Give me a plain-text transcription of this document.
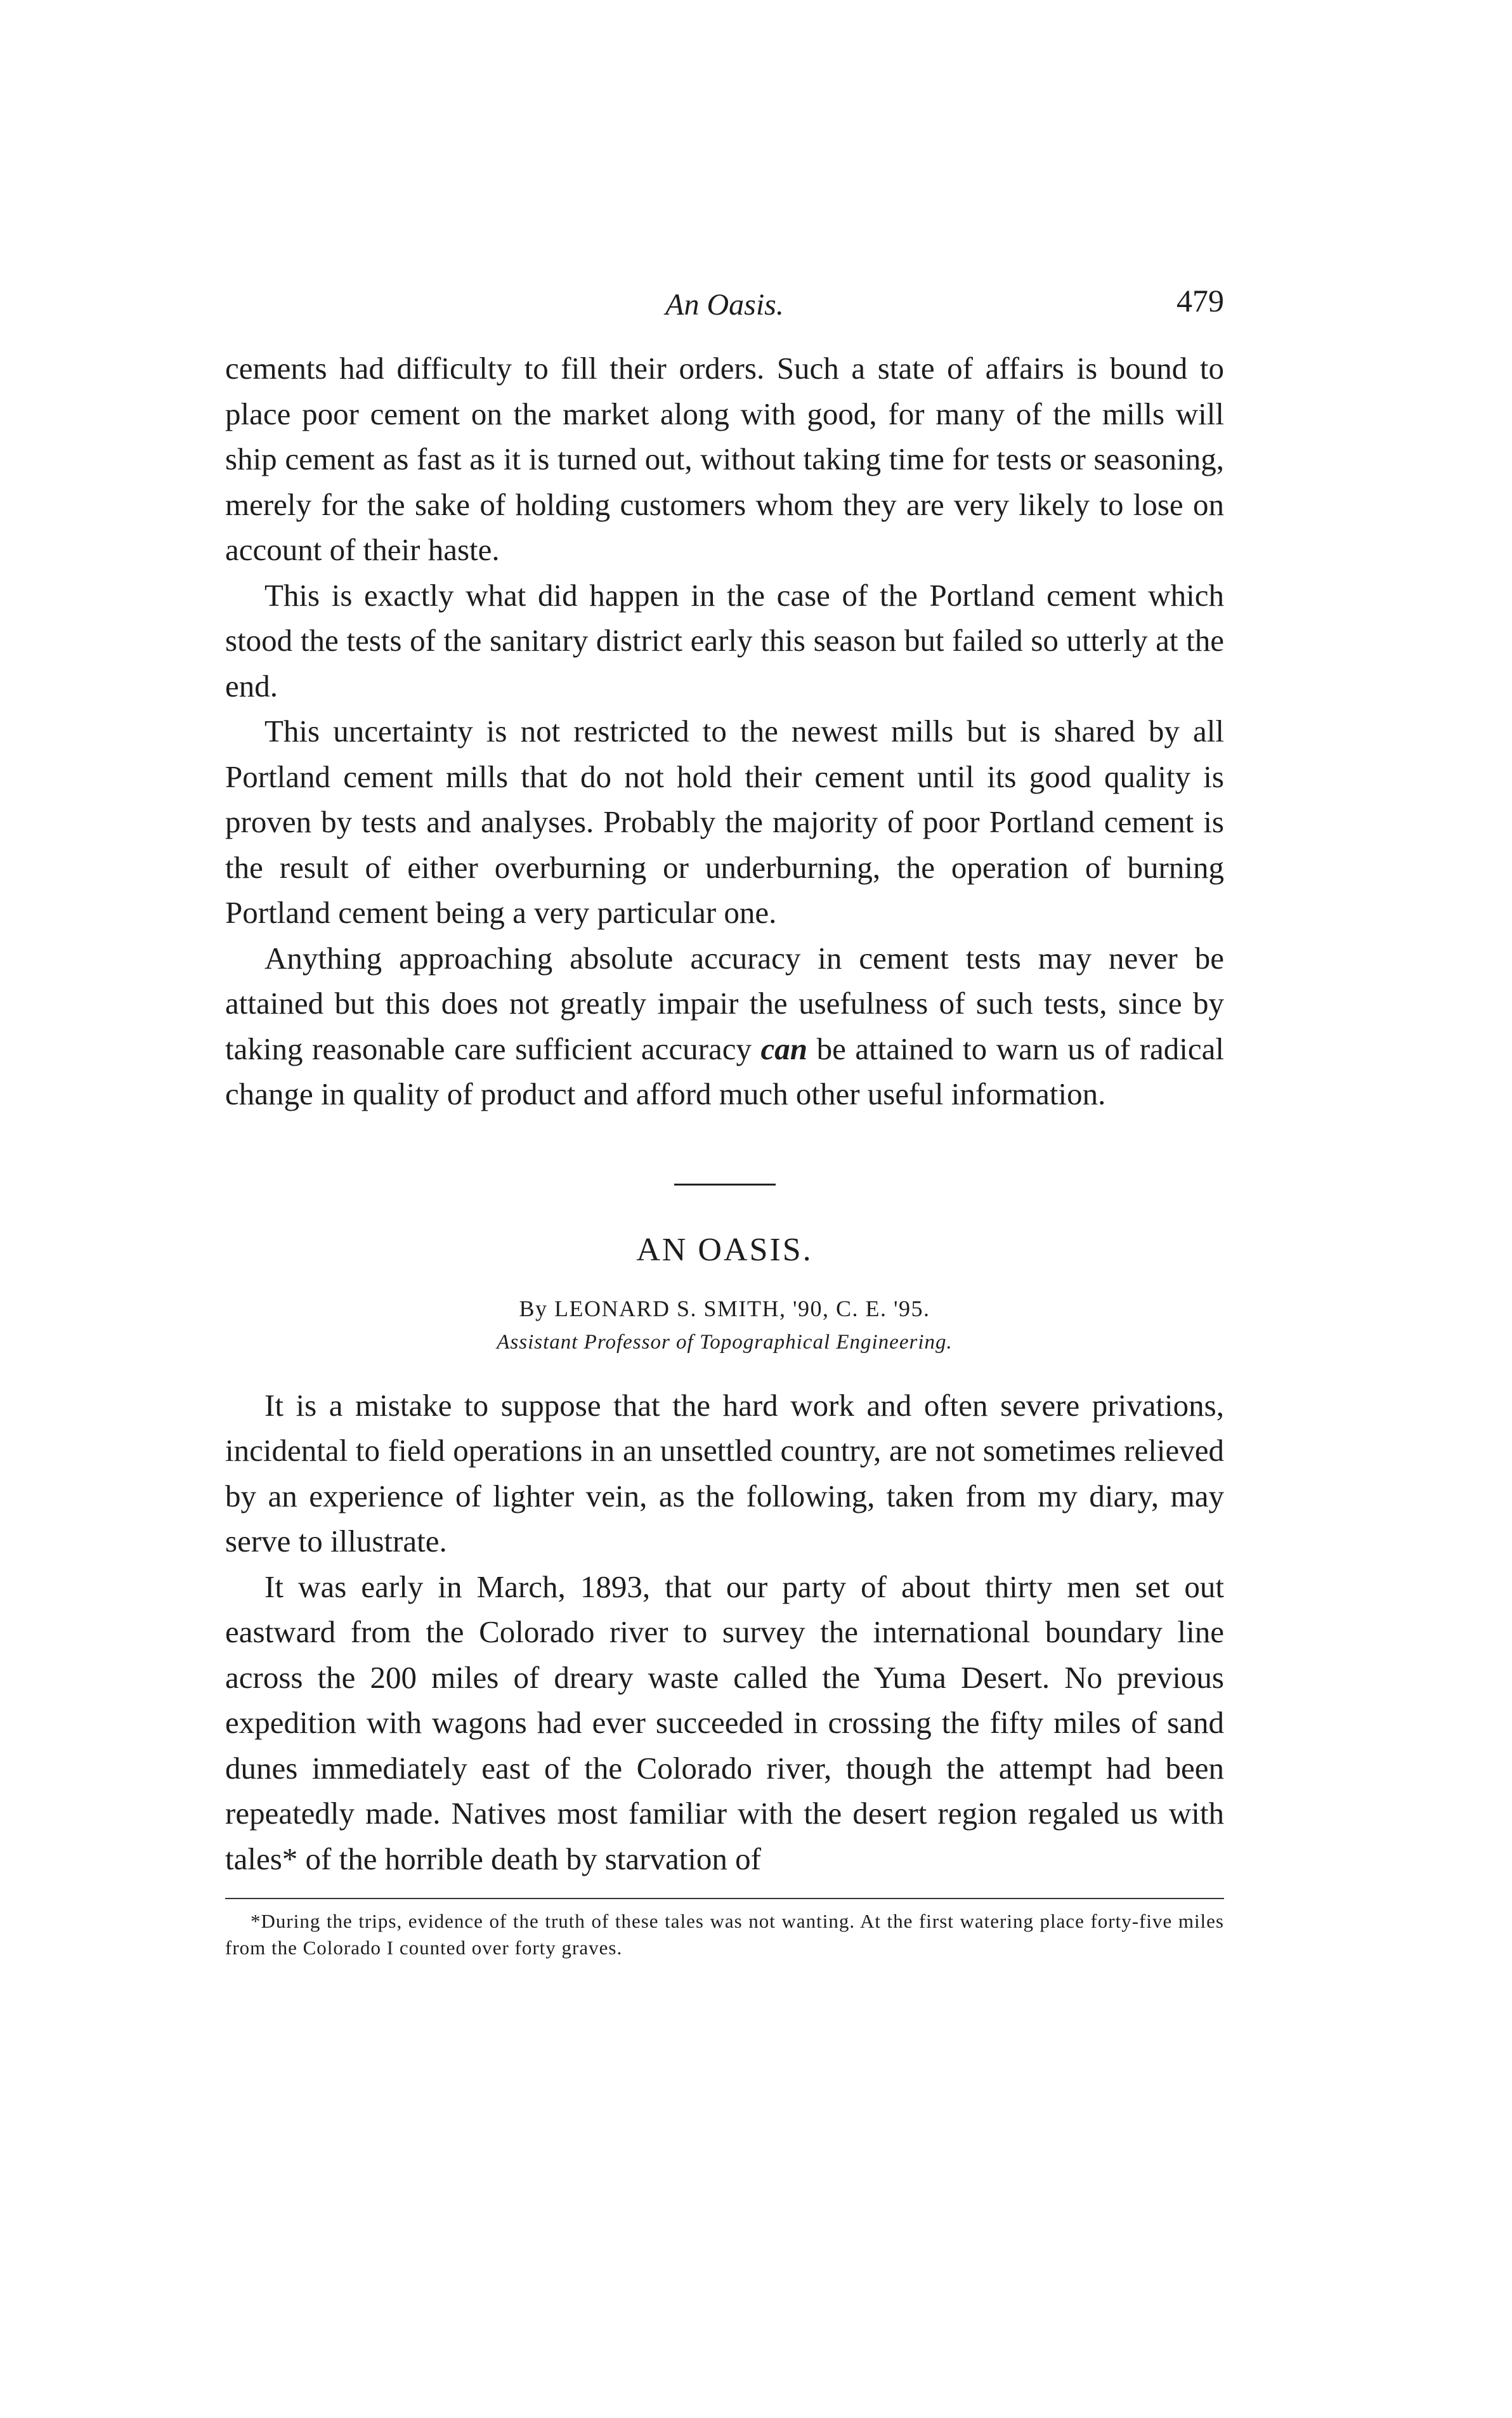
An Oasis.	479

cements had difficulty to fill their orders. Such a state of affairs is bound to place poor cement on the market along with good, for many of the mills will ship cement as fast as it is turned out, without taking time for tests or seasoning, merely for the sake of holding customers whom they are very likely to lose on account of their haste.

This is exactly what did happen in the case of the Portland cement which stood the tests of the sanitary district early this season but failed so utterly at the end.

This uncertainty is not restricted to the newest mills but is shared by all Portland cement mills that do not hold their cement until its good quality is proven by tests and analyses. Probably the majority of poor Portland cement is the result of either overburning or underburning, the operation of burning Portland cement being a very particular one.

Anything approaching absolute accuracy in cement tests may never be attained but this does not greatly impair the usefulness of such tests, since by taking reasonable care sufficient accuracy can be attained to warn us of radical change in quality of product and afford much other useful information.

AN OASIS.
By LEONARD S. SMITH, '90, C. E. '95.
Assistant Professor of Topographical Engineering.

It is a mistake to suppose that the hard work and often severe privations, incidental to field operations in an unsettled country, are not sometimes relieved by an experience of lighter vein, as the following, taken from my diary, may serve to illustrate.

It was early in March, 1893, that our party of about thirty men set out eastward from the Colorado river to survey the international boundary line across the 200 miles of dreary waste called the Yuma Desert. No previous expedition with wagons had ever succeeded in crossing the fifty miles of sand dunes immediately east of the Colorado river, though the attempt had been repeatedly made. Natives most familiar with the desert region regaled us with tales* of the horrible death by starvation of

*During the trips, evidence of the truth of these tales was not wanting. At the first watering place forty-five miles from the Colorado I counted over forty graves.
